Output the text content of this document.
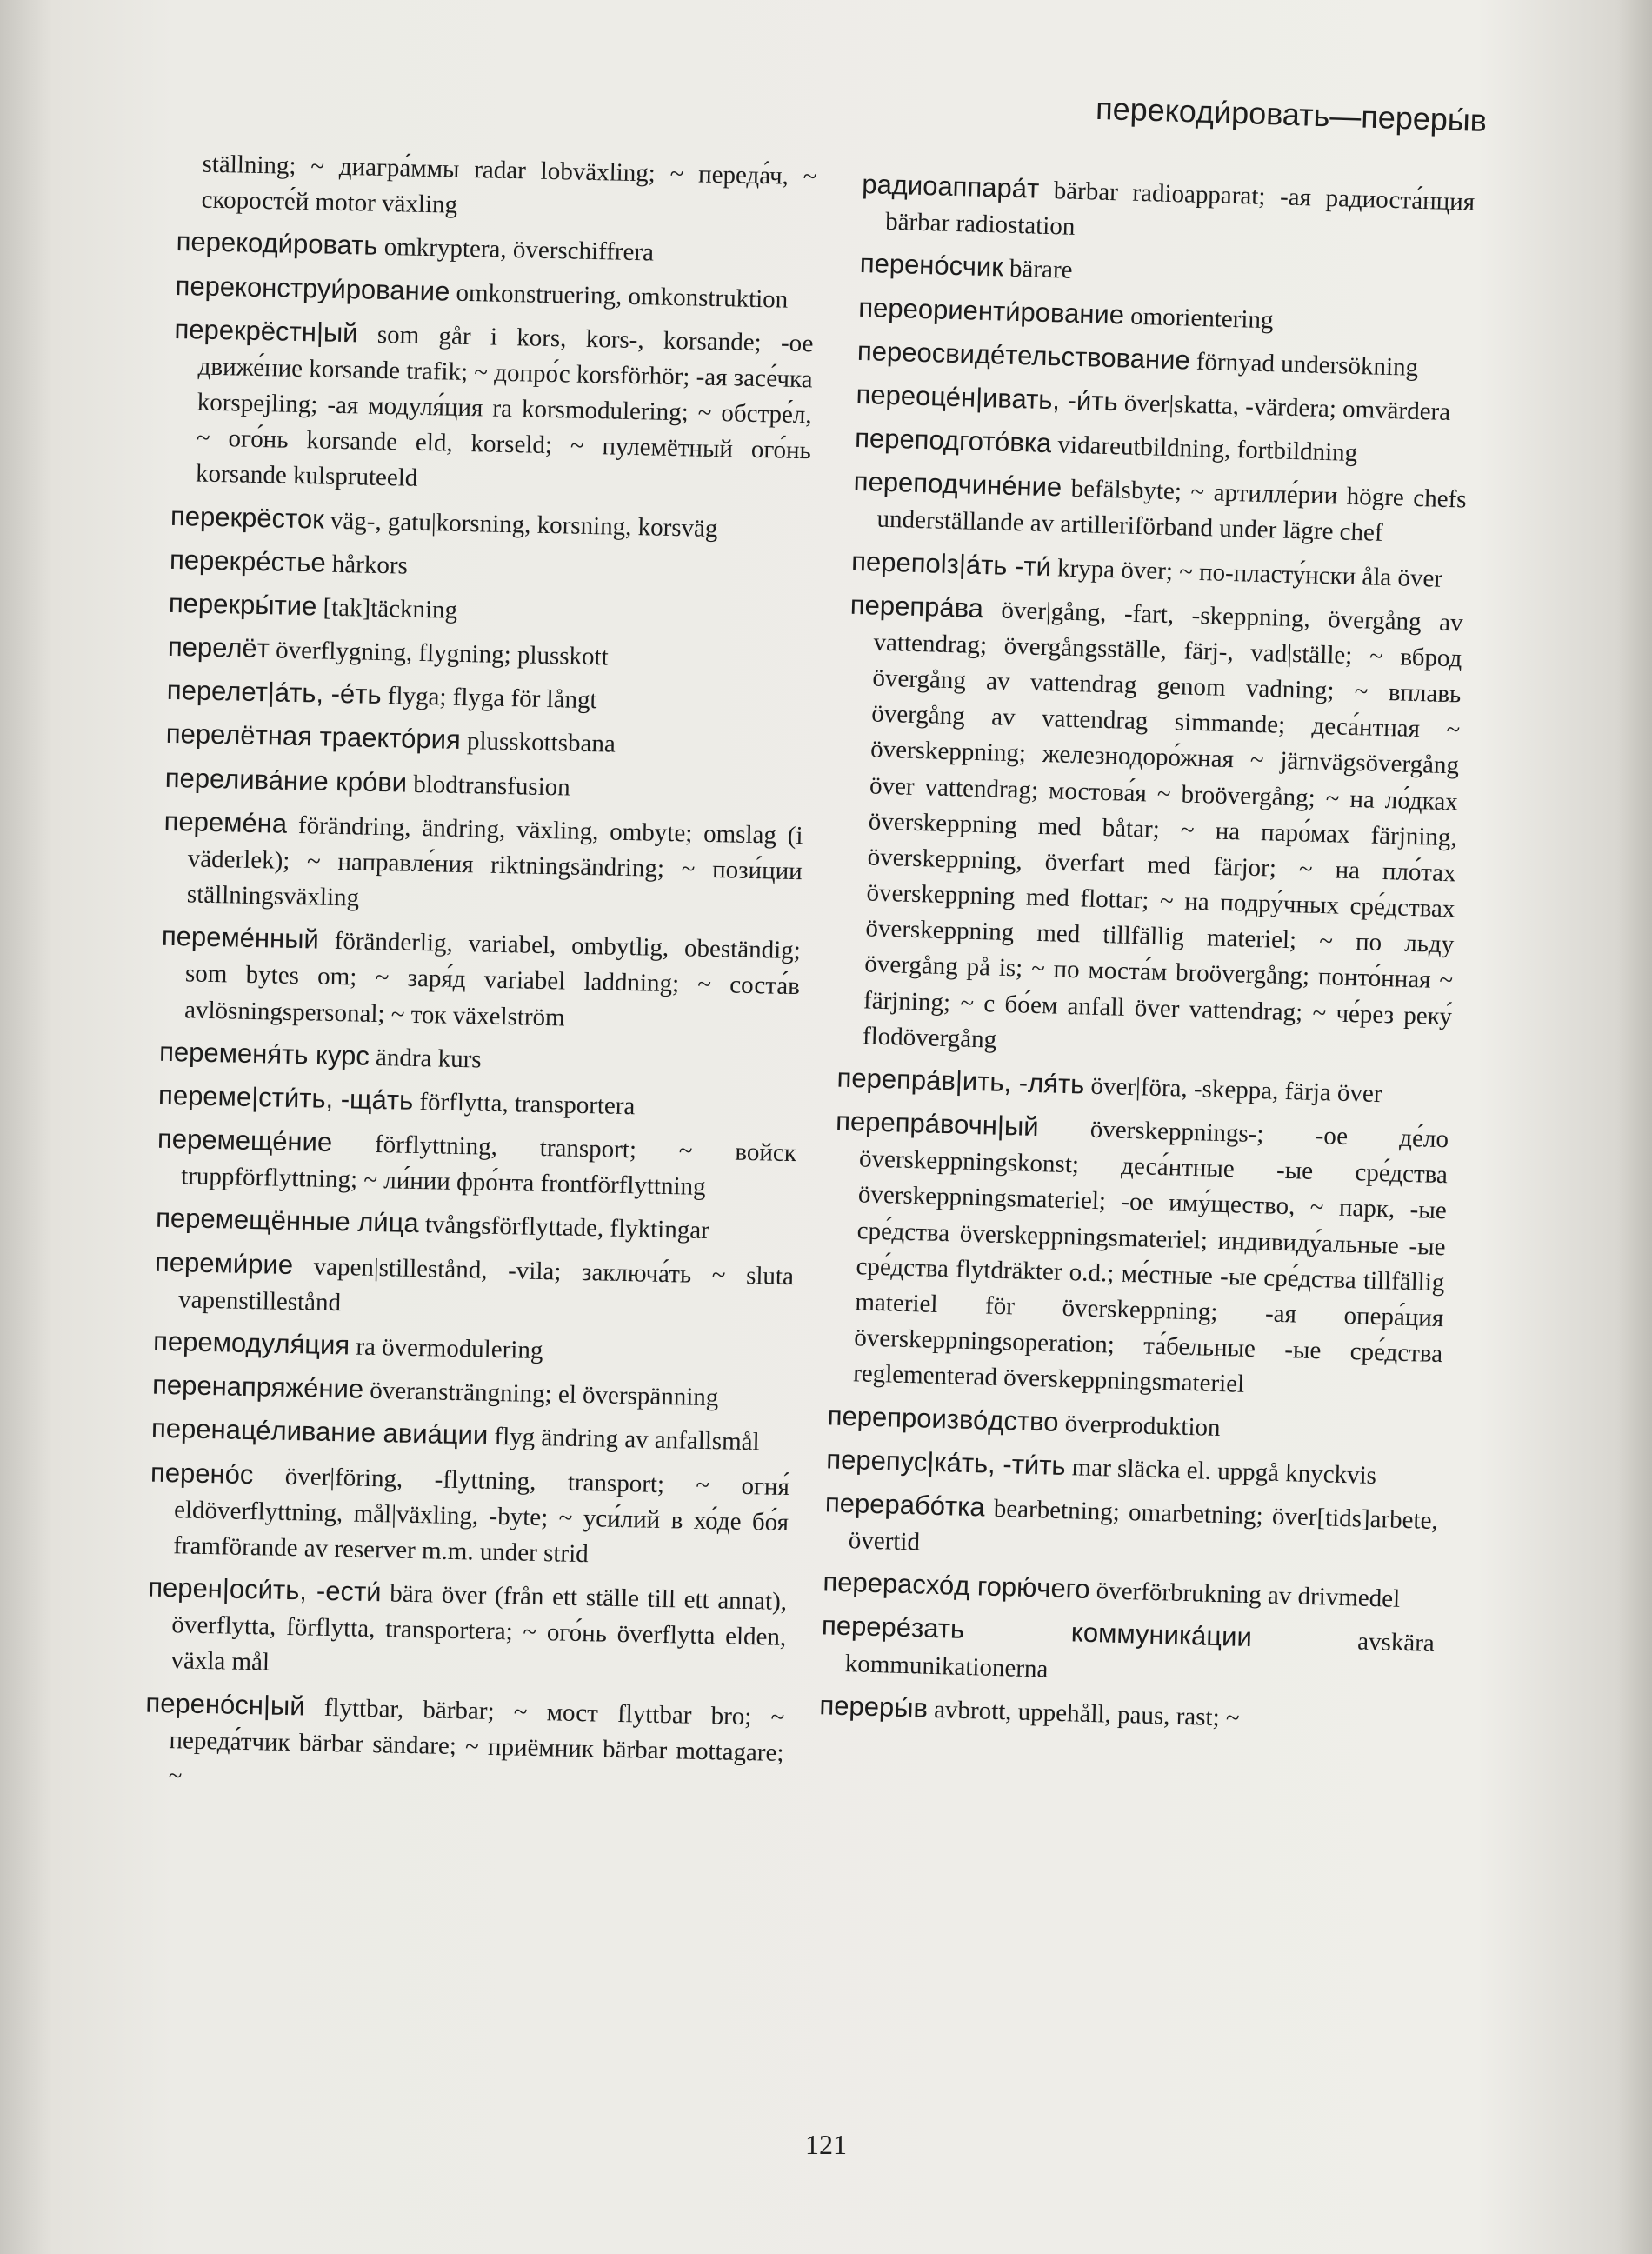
перекоди́ровать—переры́в

ställning; ~ диагра́ммы radar lobväxling; ~ переда́ч, ~ скоросте́й motor växling

перекоди́ровать omkryptera, överschiffrera

переконструи́рование omkonstruering, omkonstruktion

перекрёстн|ый som går i kors, kors-, korsande; -ое движе́ние korsande trafik; ~ допро́с korsförhör; -ая засе́чка korspejling; -ая модуля́ция ra korsmodulering; ~ обстре́л, ~ ого́нь korsande eld, korseld; ~ пулемётный ого́нь korsande kulspruteeld

перекрёсток väg-, gatu|korsning, korsning, korsväg

перекре́стье hårkors

перекры́тие [tak]täckning

перелёт överflygning, flygning; plusskott

перелет|а́ть, -е́ть flyga; flyga för långt

перелётная траекто́рия plusskottsbana

перелива́ние кро́ви blodtransfusion

переме́на förändring, ändring, växling, ombyte; omslag (i väderlek); ~ направле́ния riktningsändring; ~ пози́ции ställningsväxling

переме́нный föränderlig, variabel, ombytlig, obeständig; som bytes om; ~ заря́д variabel laddning; ~ соста́в avlösningspersonal; ~ ток växelström

переменя́ть курс ändra kurs

переме|сти́ть, -ща́ть förflytta, transportera

перемеще́ние förflyttning, transport; ~ войск truppförflyttning; ~ ли́нии фро́нта frontförflyttning

перемещённые ли́ца tvångsförflyttade, flyktingar

переми́рие vapen|stillestånd, -vila; заключа́ть ~ sluta vapenstillestånd

перемодуля́ция ra övermodulering

перенапряже́ние överansträngning; el överspänning

перенаце́ливание авиа́ции flyg ändring av anfallsmål

перено́с över|föring, -flyttning, transport; ~ огня́ eldöverflyttning, mål|växling, -byte; ~ уси́лий в хо́де бо́я framförande av reserver m.m. under strid

перен|оси́ть, -ести́ bära över (från ett ställe till ett annat), överflytta, förflytta, transportera; ~ ого́нь överflytta elden, växla mål

перено́сн|ый flyttbar, bärbar; ~ мост flyttbar bro; ~ переда́тчик bärbar sändare; ~ приёмник bärbar mottagare; ~

радиоаппара́т bärbar radioapparat; -ая радиоста́нция bärbar radiostation

перено́счик bärare

переориенти́рование omorientering

переосвиде́тельствование förnyad undersökning

переоце́н|ивать, -и́ть över|skatta, -värdera; omvärdera

переподгото́вка vidareutbildning, fortbildning

переподчине́ние befälsbyte; ~ артилле́рии högre chefs underställande av artilleriförband under lägre chef

перепolз|а́ть -ти́ krypa över; ~ по-пласту́нски åla över

перепра́ва över|gång, -fart, -skeppning, övergång av vattendrag; övergångsställe, färj-, vad|ställe; ~ вброд övergång av vattendrag genom vadning; ~ вплавь övergång av vattendrag simmande; деса́нтная ~ överskeppning; железнодоро́жная ~ järnvägsövergång över vattendrag; мостова́я ~ broövergång; ~ на ло́дках överskeppning med båtar; ~ на паро́мах färjning, överskeppning, överfart med färjor; ~ на пло́тах överskeppning med flottar; ~ на подру́чных сре́дствах överskeppning med tillfällig materiel; ~ по льду övergång på is; ~ по моста́м broövergång; понто́нная ~ färjning; ~ с бо́ем anfall över vattendrag; ~ че́рез реку́ flodövergång

перепра́в|ить, -ля́ть över|föra, -skeppa, färja över

перепра́вочн|ый överskeppnings-; -ое де́ло överskeppningskonst; деса́нтные -ые сре́дства överskeppningsmateriel; -ое иму́щество, ~ парк, -ые сре́дства överskeppningsmateriel; индивиду́альные -ые сре́дства flytdräkter o.d.; ме́стные -ые сре́дства tillfällig materiel för överskeppning; -ая опера́ция överskeppningsoperation; та́бельные -ые сре́дства reglementerad överskeppningsmateriel

перепроизво́дство överproduktion

перепус|ка́ть, -ти́ть mar släcka el. uppgå knyckvis

перерабо́тка bearbetning; omarbetning; över[tids]arbete, övertid

перерасхо́д горю́чего överförbrukning av drivmedel

переpе́зать коммуника́ции avskära kommunikationerna

переры́в avbrott, uppehåll, paus, rast; ~

121
